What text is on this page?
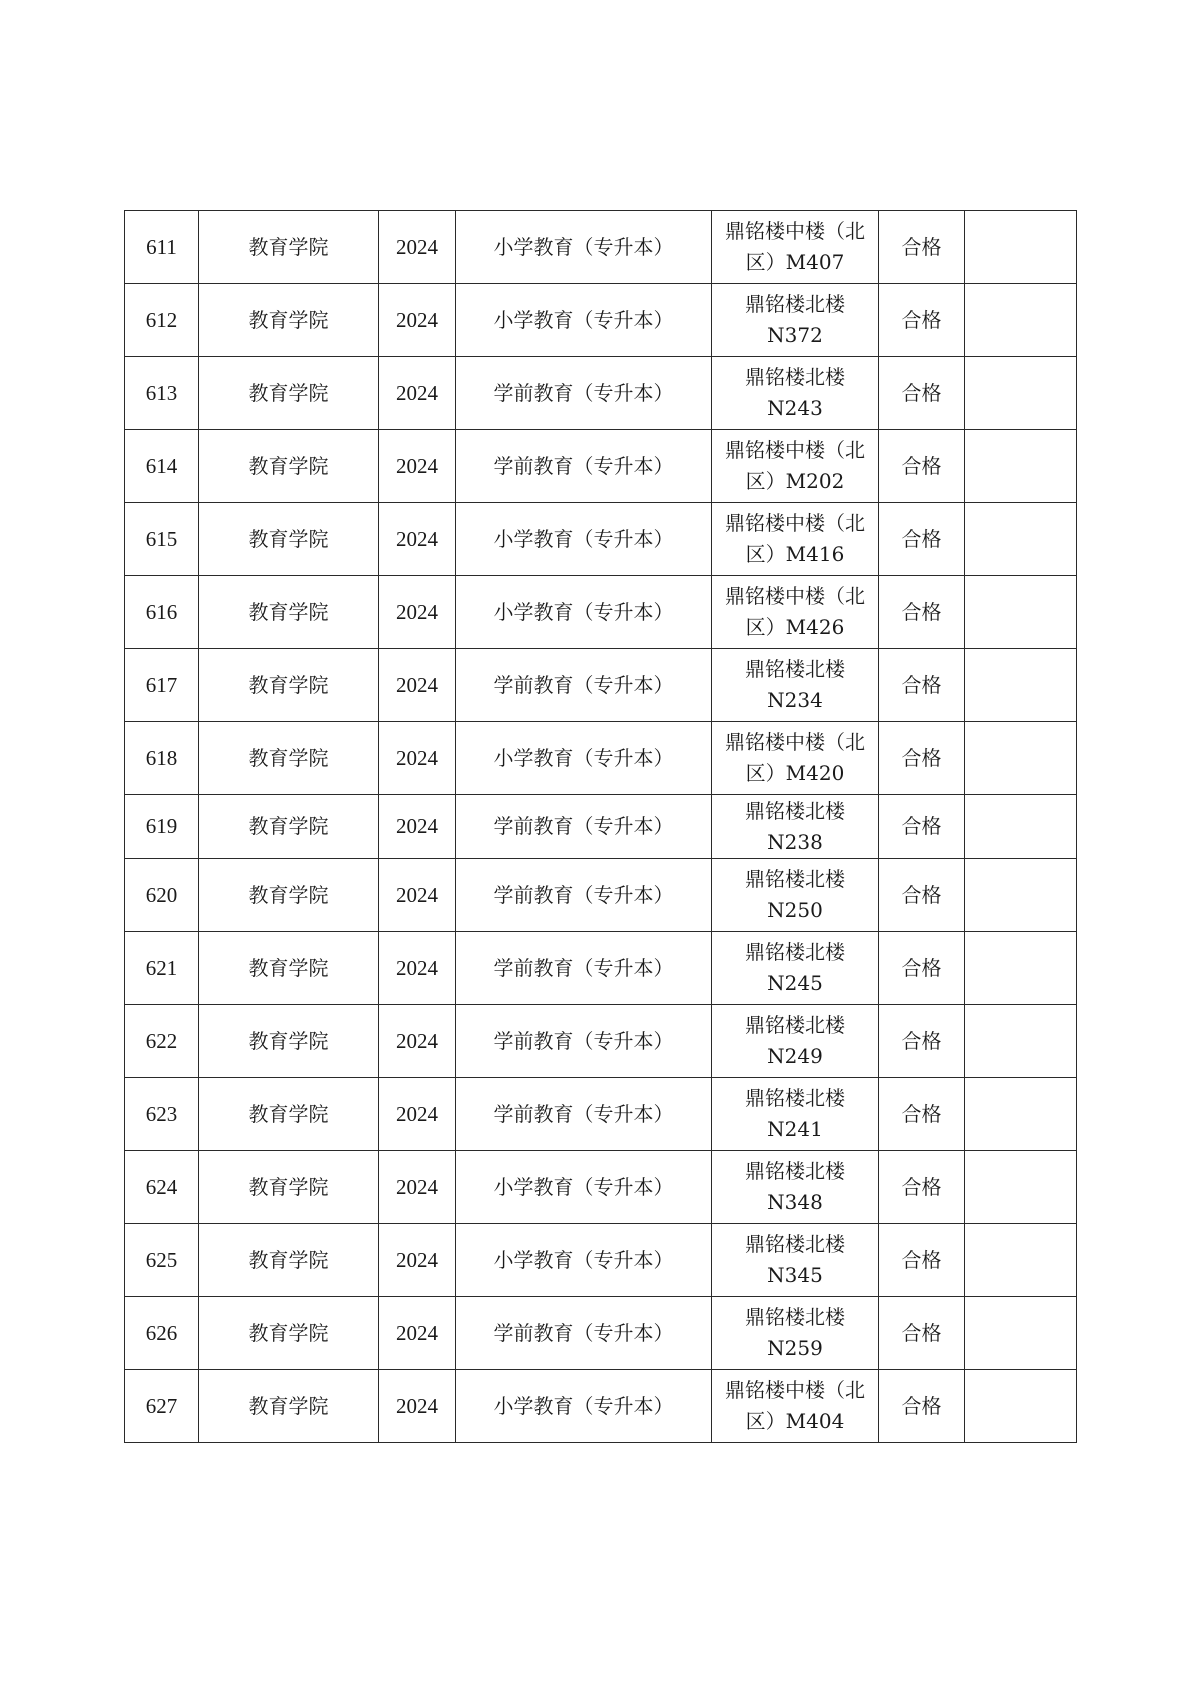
611	教育学院	2024	小学教育（专升本）	鼎铭楼中楼（北区）M407	合格	
612	教育学院	2024	小学教育（专升本）	鼎铭楼北楼N372	合格	
613	教育学院	2024	学前教育（专升本）	鼎铭楼北楼N243	合格	
614	教育学院	2024	学前教育（专升本）	鼎铭楼中楼（北区）M202	合格	
615	教育学院	2024	小学教育（专升本）	鼎铭楼中楼（北区）M416	合格	
616	教育学院	2024	小学教育（专升本）	鼎铭楼中楼（北区）M426	合格	
617	教育学院	2024	学前教育（专升本）	鼎铭楼北楼N234	合格	
618	教育学院	2024	小学教育（专升本）	鼎铭楼中楼（北区）M420	合格	
619	教育学院	2024	学前教育（专升本）	鼎铭楼北楼N238	合格	
620	教育学院	2024	学前教育（专升本）	鼎铭楼北楼N250	合格	
621	教育学院	2024	学前教育（专升本）	鼎铭楼北楼N245	合格	
622	教育学院	2024	学前教育（专升本）	鼎铭楼北楼N249	合格	
623	教育学院	2024	学前教育（专升本）	鼎铭楼北楼N241	合格	
624	教育学院	2024	小学教育（专升本）	鼎铭楼北楼N348	合格	
625	教育学院	2024	小学教育（专升本）	鼎铭楼北楼N345	合格	
626	教育学院	2024	学前教育（专升本）	鼎铭楼北楼N259	合格	
627	教育学院	2024	小学教育（专升本）	鼎铭楼中楼（北区）M404	合格	
